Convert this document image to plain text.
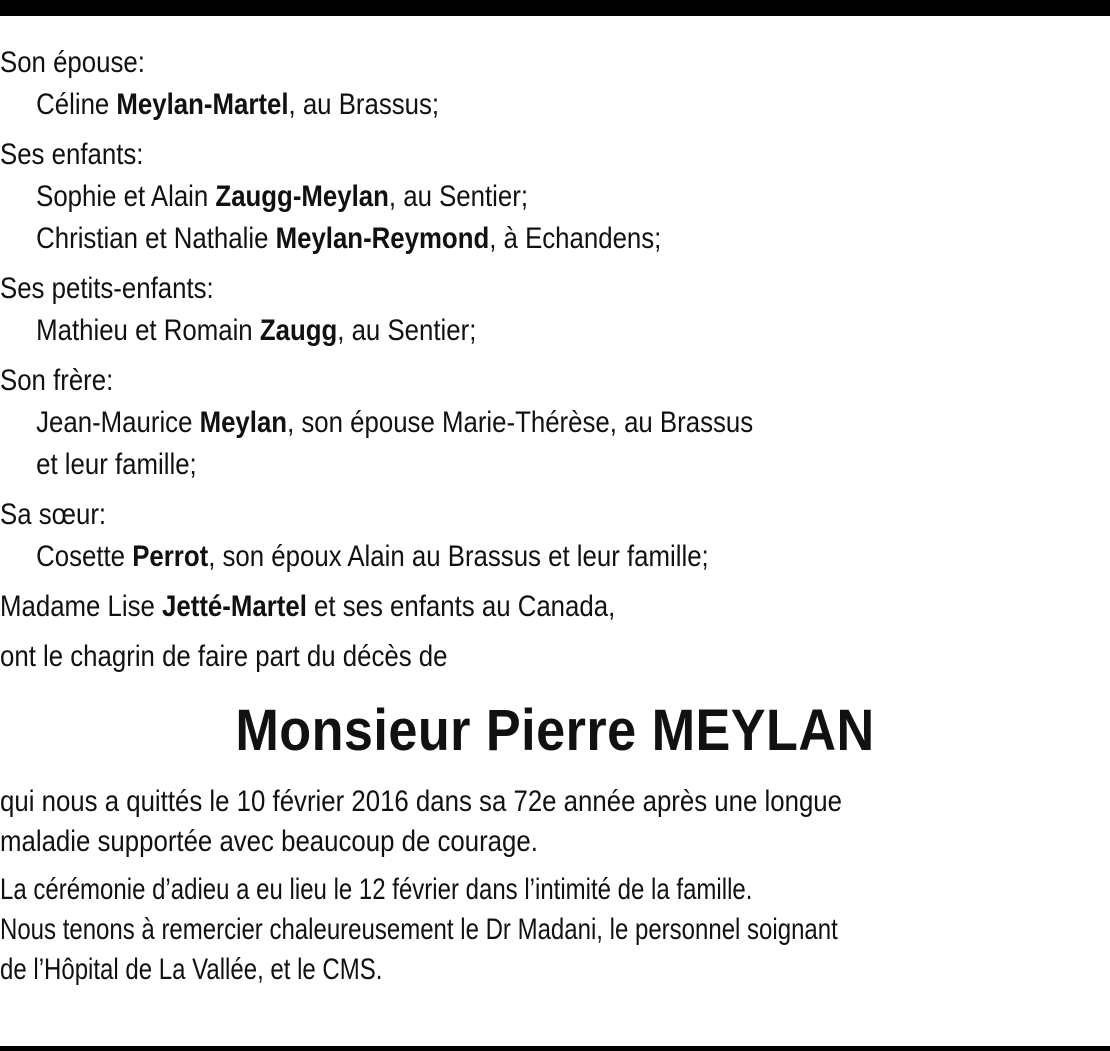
Son épouse:
Céline Meylan-Martel, au Brassus;
Ses enfants:
Sophie et Alain Zaugg-Meylan, au Sentier;
Christian et Nathalie Meylan-Reymond, à Echandens;
Ses petits-enfants:
Mathieu et Romain Zaugg, au Sentier;
Son frère:
Jean-Maurice Meylan, son épouse Marie-Thérèse, au Brassus
et leur famille;
Sa sœur:
Cosette Perrot, son époux Alain au Brassus et leur famille;
Madame Lise Jetté-Martel et ses enfants au Canada,
ont le chagrin de faire part du décès de
Monsieur Pierre MEYLAN
qui nous a quittés le 10 février 2016 dans sa 72e année après une longue
maladie supportée avec beaucoup de courage.
La cérémonie d’adieu a eu lieu le 12 février dans l’intimité de la famille.
Nous tenons à remercier chaleureusement le Dr Madani, le personnel soignant
de l’Hôpital de La Vallée, et le CMS.
